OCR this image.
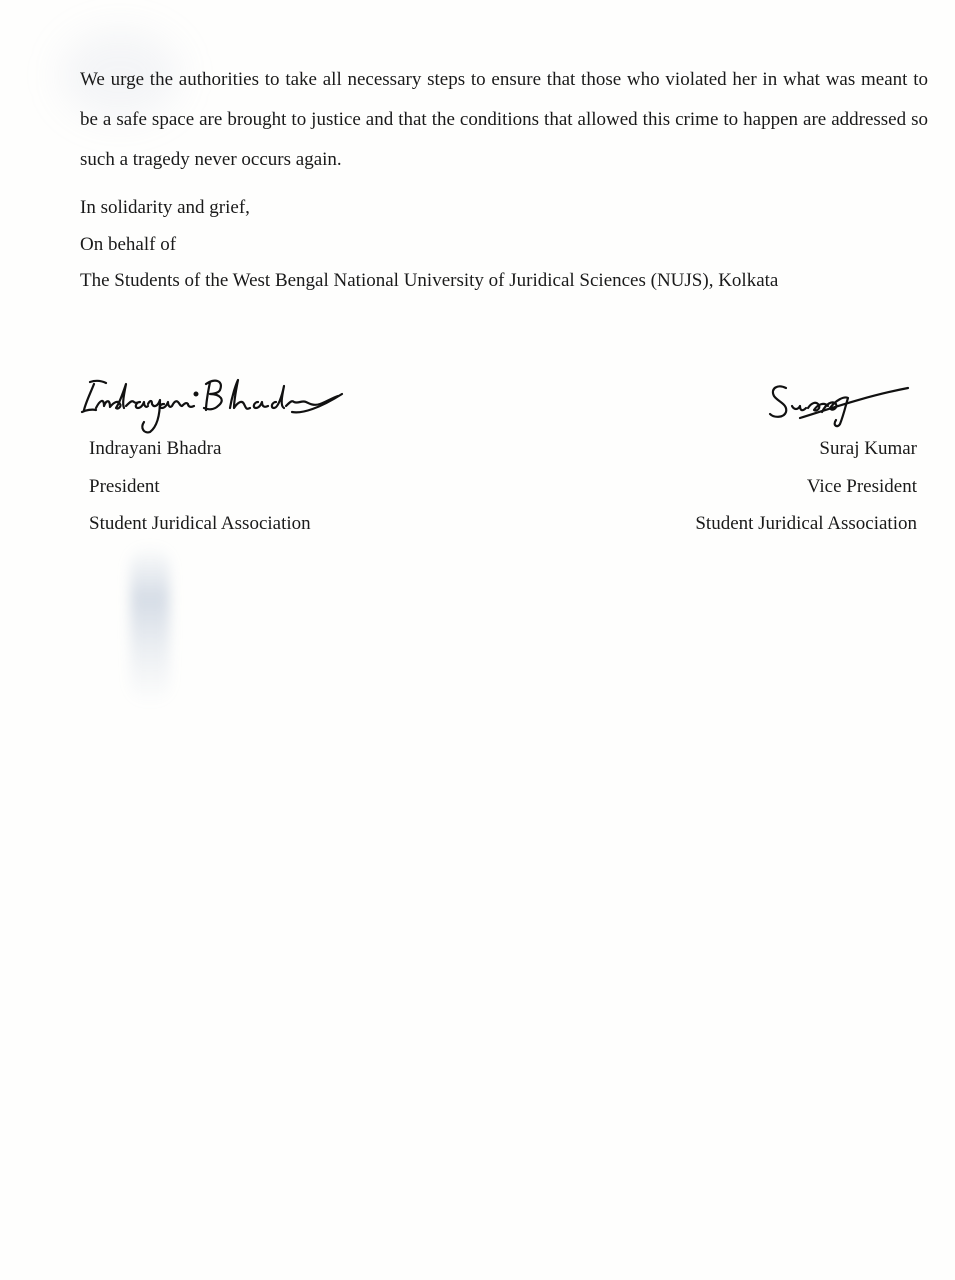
We urge the authorities to take all necessary steps to ensure that those who violated her in what was meant to be a safe space are brought to justice and that the conditions that allowed this crime to happen are addressed so such a tragedy never occurs again.

In solidarity and grief,
On behalf of
The Students of the West Bengal National University of Juridical Sciences (NUJS), Kolkata
Indrayani Bhadra
President
Student Juridical Association
Suraj Kumar
Vice President
Student Juridical Association
